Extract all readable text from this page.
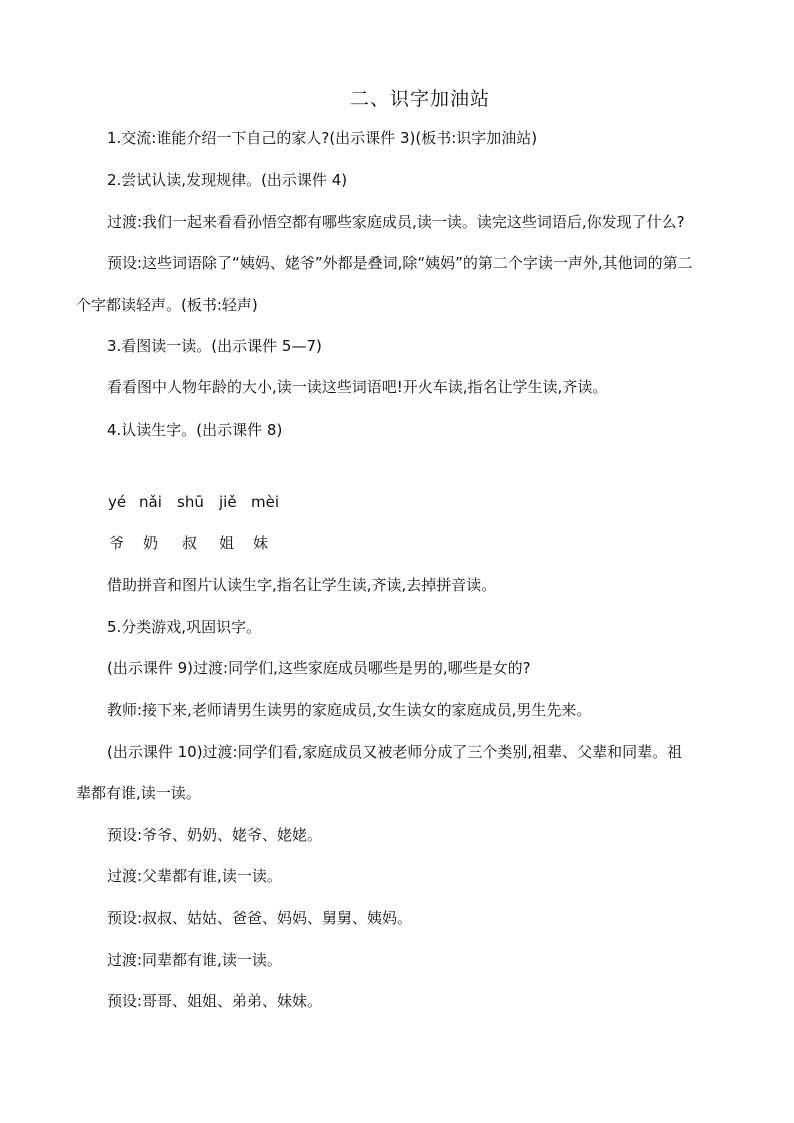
二、识字加油站
1.交流:谁能介绍一下自己的家人?(出示课件 3)(板书:识字加油站)
2.尝试认读,发现规律。(出示课件 4)
过渡:我们一起来看看孙悟空都有哪些家庭成员,读一读。读完这些词语后,你发现了什么?
预设:这些词语除了“姨妈、姥爷”外都是叠词,除“姨妈”的第二个字读一声外,其他词的第二
个字都读轻声。(板书:轻声)
3.看图读一读。(出示课件 5—7)
看看图中人物年龄的大小,读一读这些词语吧!开火车读,指名让学生读,齐读。
4.认读生字。(出示课件 8)
yé nǎi shū jiě mèi
爷 奶 叔 姐 妹
借助拼音和图片认读生字,指名让学生读,齐读,去掉拼音读。
5.分类游戏,巩固识字。
(出示课件 9)过渡:同学们,这些家庭成员哪些是男的,哪些是女的?
教师:接下来,老师请男生读男的家庭成员,女生读女的家庭成员,男生先来。
(出示课件 10)过渡:同学们看,家庭成员又被老师分成了三个类别,祖辈、父辈和同辈。祖
辈都有谁,读一读。
预设:爷爷、奶奶、姥爷、姥姥。
过渡:父辈都有谁,读一读。
预设:叔叔、姑姑、爸爸、妈妈、舅舅、姨妈。
过渡:同辈都有谁,读一读。
预设:哥哥、姐姐、弟弟、妹妹。
